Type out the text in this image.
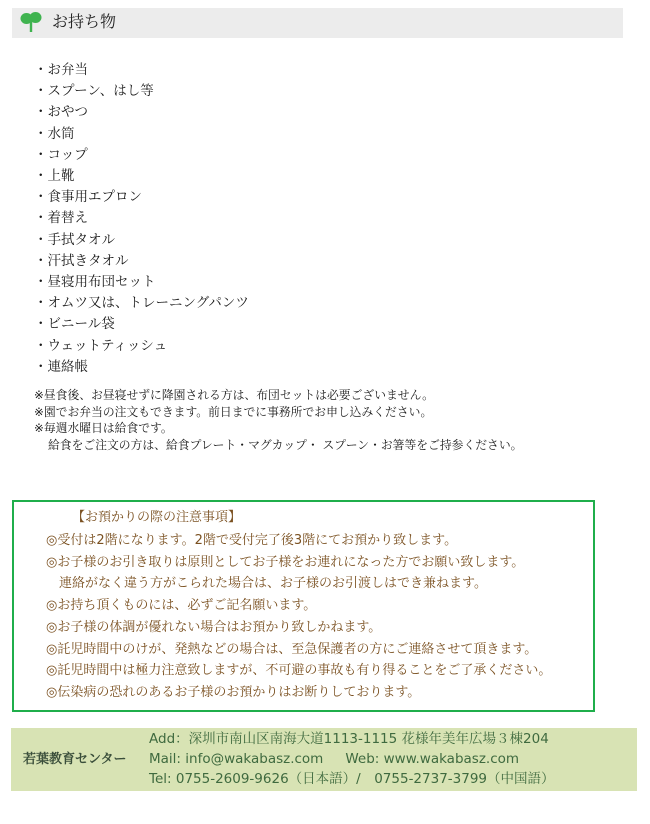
お持ち物
・お弁当
・スプーン、はし等
・おやつ
・水筒
・コップ
・上靴
・食事用エプロン
・着替え
・手拭タオル
・汗拭きタオル
・昼寝用布団セット
・オムツ又は、トレーニングパンツ
・ビニール袋
・ウェットティッシュ
・連絡帳
※昼食後、お昼寝せずに降園される方は、布団セットは必要ございません。
※園でお弁当の注文もできます。前日までに事務所でお申し込みください。
※毎週水曜日は給食です。
給食をご注文の方は、給食プレート・マグカップ・ スプーン・お箸等をご持参ください。
【お預かりの際の注意事項】
◎受付は2階になります。2階で受付完了後3階にてお預かり致します。
◎お子様のお引き取りは原則としてお子様をお連れになった方でお願い致します。
連絡がなく違う方がこられた場合は、お子様のお引渡しはでき兼ねます。
◎お持ち頂くものには、必ずご記名願います。
◎お子様の体調が優れない場合はお預かり致しかねます。
◎託児時間中のけが、発熱などの場合は、至急保護者の方にご連絡させて頂きます。
◎託児時間中は極力注意致しますが、不可避の事故も有り得ることをご了承ください。
◎伝染病の恐れのあるお子様のお預かりはお断りしております。
若葉教育センター
Add：深圳市南山区南海大道1113-1115 花様年美年広場３棟204
Mail: info@wakabasz.com Web: www.wakabasz.com
Tel: 0755-2609-9626（日本語）/　0755-2737-3799（中国語）
